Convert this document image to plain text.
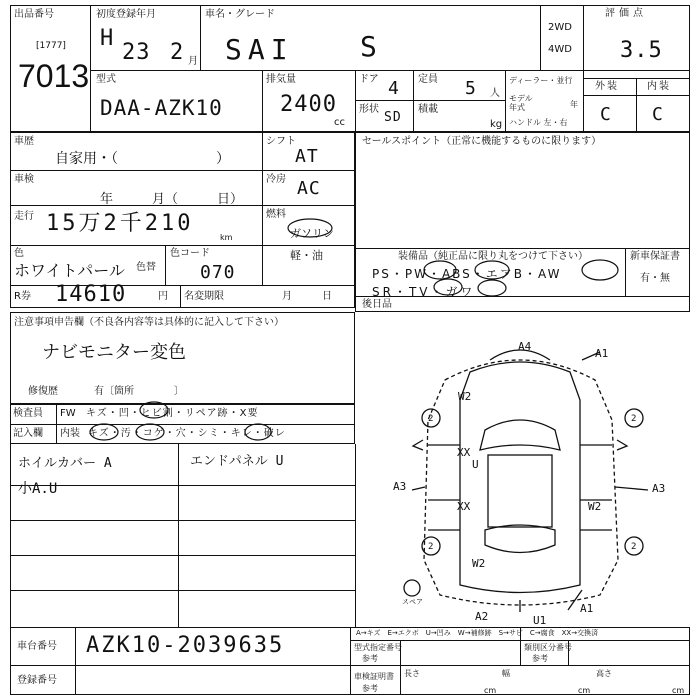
出品番号
[1777]
7013
初度登録年月
H
23 2 月
車名・グレード
SAI S
2WD
4WD
評価点
3.5
型式
DAA-AZK10
排気量
2400
cc
ドア 4
形状
SD
定員 5 人
積載
kg
ディーラー・並行
モデル年式	年
ハンドル 左・右
外装	内装
C C
車歴
自家用・（　　　　　　　）
シフト
AT
車検
年　　　月（　　　日）
冷房 AC
走行 15万2千210
km
燃料
ガソリン
軽・油
色
ホワイトパール 色替
色コード
070
R券 14610	円 名変期限	月　　　日
セールスポイント（正常に機能するものに限ります）
装備品（純正品に限り丸をつけて下さい）	新車保証書
有・無
PS・PW・ABS・エアB・AW
SR・TV・ガワ
後日品
注意事項申告欄（不良各内容等は具体的に記入して下さい）
ナビモニター変色
修復歴	有〔箇所　　　　〕
検査員
記入欄
FW キズ・凹・ヒビ割・リペア跡・X要
内装 キズ・汚・コゲ・穴・シミ・キレ・破レ
ホイルカバー A	エンドパネル U
小A.U
A4
A1
W2
2	2
A3
XX
U
XX
A3
W2
2	2
W2
A2	U1
A1
スペア
A→キズ　E→エクボ　U→凹み　W→補修跡　S→サビ　C→腐食　XX→交換済
車台番号 AZK10-2039635
登録番号
型式指定番号
参考
類別区分番号
参考
車検証明書
参考
長さ
cm
幅
cm
高さ
cm
